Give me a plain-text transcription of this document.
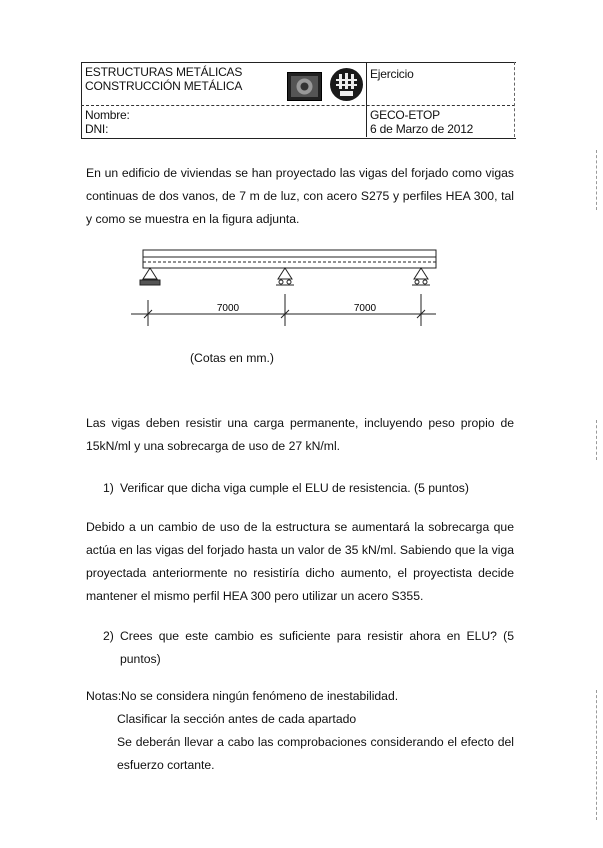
ESTRUCTURAS METÁLICAS
CONSTRUCCIÓN METÁLICA
Ejercicio
Nombre:
DNI:
GECO-ETOP
6 de Marzo de 2012
En un edificio de viviendas se han proyectado las vigas del forjado como vigas continuas de dos vanos, de 7 m de luz, con acero S275 y perfiles HEA 300, tal y como se muestra en la figura adjunta.
7000	7000
(Cotas en mm.)
Las vigas deben resistir una carga permanente, incluyendo peso propio de 15kN/ml y una sobrecarga de uso de 27 kN/ml.
1) Verificar que dicha viga cumple el ELU de resistencia. (5 puntos)
Debido a un cambio de uso de la estructura se aumentará la sobrecarga que actúa en las vigas del forjado hasta un valor de 35 kN/ml. Sabiendo que la viga proyectada anteriormente no resistiría dicho aumento, el proyectista decide mantener el mismo perfil HEA 300 pero utilizar un acero S355.
2) Crees que este cambio es suficiente para resistir ahora en ELU? (5 puntos)
Notas: No se considera ningún fenómeno de inestabilidad.
Clasificar la sección antes de cada apartado
Se deberán llevar a cabo las comprobaciones considerando el efecto del esfuerzo cortante.
